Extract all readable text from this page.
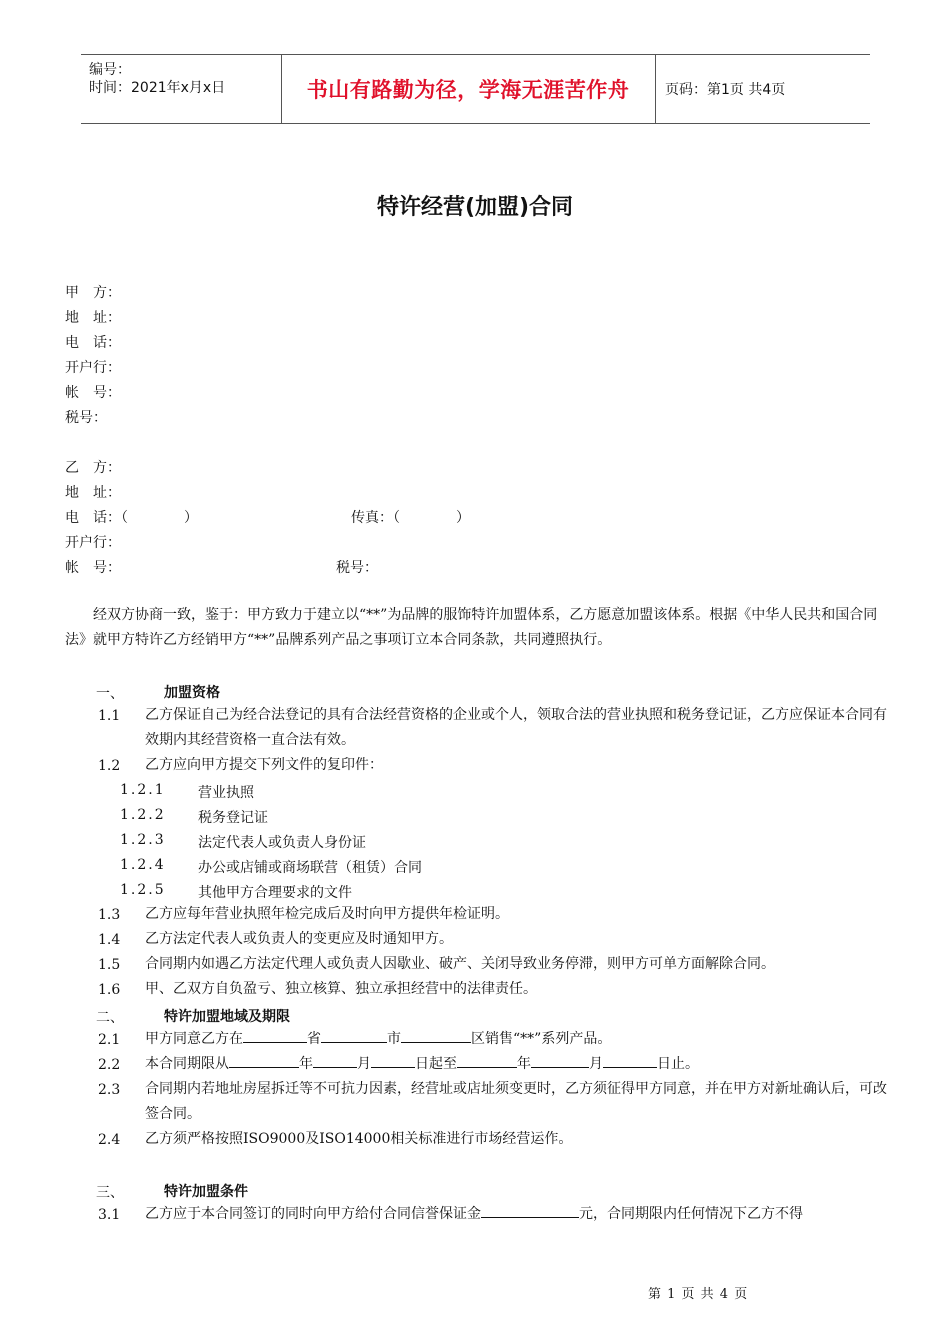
编号：
时间：2021年x月x日	书山有路勤为径，学海无涯苦作舟	页码：第1页 共4页
特许经营(加盟)合同
甲　方：
地　址：
电　话：
开户行：
帐　号：
税号：
乙　方：
地　址：
电　话：（　　　　）	传真：（　　　　）
开户行：
帐　号：	税号：
经双方协商一致，鉴于：甲方致力于建立以“**”为品牌的服饰特许加盟体系，乙方愿意加盟该体系。根据《中华人民共和国合同法》就甲方特许乙方经销甲方“**”品牌系列产品之事项订立本合同条款，共同遵照执行。
一、	加盟资格
1.1 乙方保证自己为经合法登记的具有合法经营资格的企业或个人，领取合法的营业执照和税务登记证，乙方应保证本合同有效期内其经营资格一直合法有效。
1.2 乙方应向甲方提交下列文件的复印件：
1.2.1 营业执照
1.2.2 税务登记证
1.2.3 法定代表人或负责人身份证
1.2.4 办公或店铺或商场联营（租赁）合同
1.2.5 其他甲方合理要求的文件
1.3 乙方应每年营业执照年检完成后及时向甲方提供年检证明。
1.4 乙方法定代表人或负责人的变更应及时通知甲方。
1.5 合同期内如遇乙方法定代理人或负责人因歇业、破产、关闭导致业务停滞，则甲方可单方面解除合同。
1.6 甲、乙双方自负盈亏、独立核算、独立承担经营中的法律责任。
二、	特许加盟地域及期限
2.1 甲方同意乙方在	省	市	区销售“**”系列产品。
2.2 本合同期限从	年	月	日起至	年	月	日止。
2.3 合同期内若地址房屋拆迁等不可抗力因素，经营址或店址须变更时，乙方须征得甲方同意，并在甲方对新址确认后，可改签合同。
2.4 乙方须严格按照ISO9000及ISO14000相关标准进行市场经营运作。
三、	特许加盟条件
3.1 乙方应于本合同签订的同时向甲方给付合同信誉保证金	元，合同期限内任何情况下乙方不得
第 1 页 共 4 页
